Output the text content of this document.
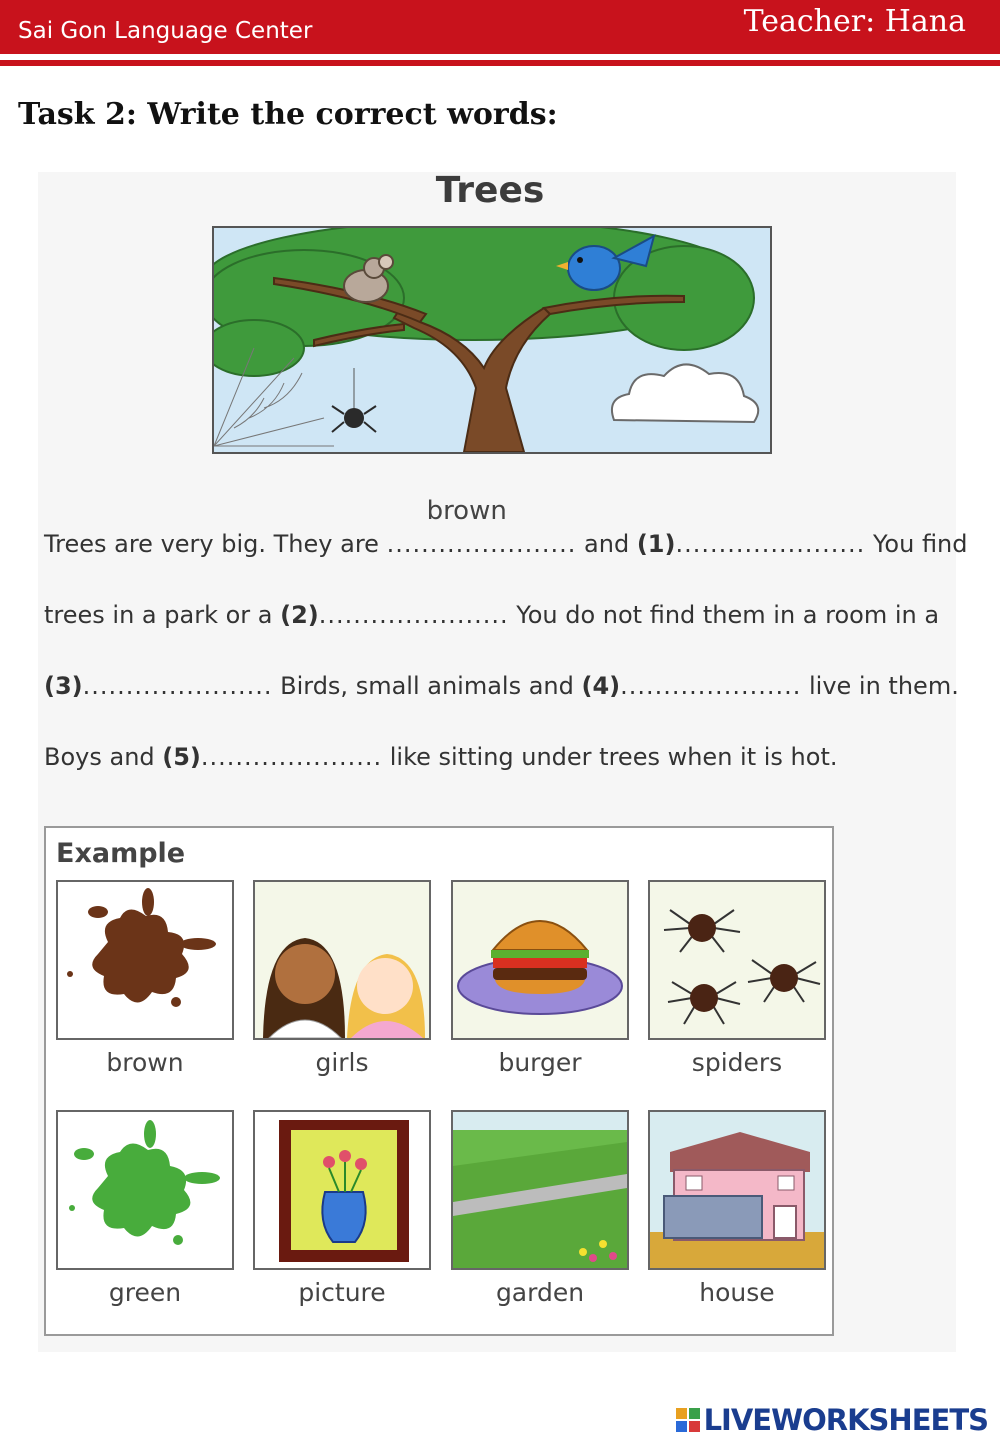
Sai Gon Language Center	Teacher: Hana
Task 2: Write the correct words:
Trees
Trees are very big. They are
brown
...................... and (1)...................... You find
trees in a park or a (2)...................... You do not find them in a room in a
(3)...................... Birds, small animals and (4)..................... live in them.
Boys and (5)..................... like sitting under trees when it is hot.
Example
brown	girls	burger	spiders
green	picture	garden	house
LIVEWORKSHEETS
